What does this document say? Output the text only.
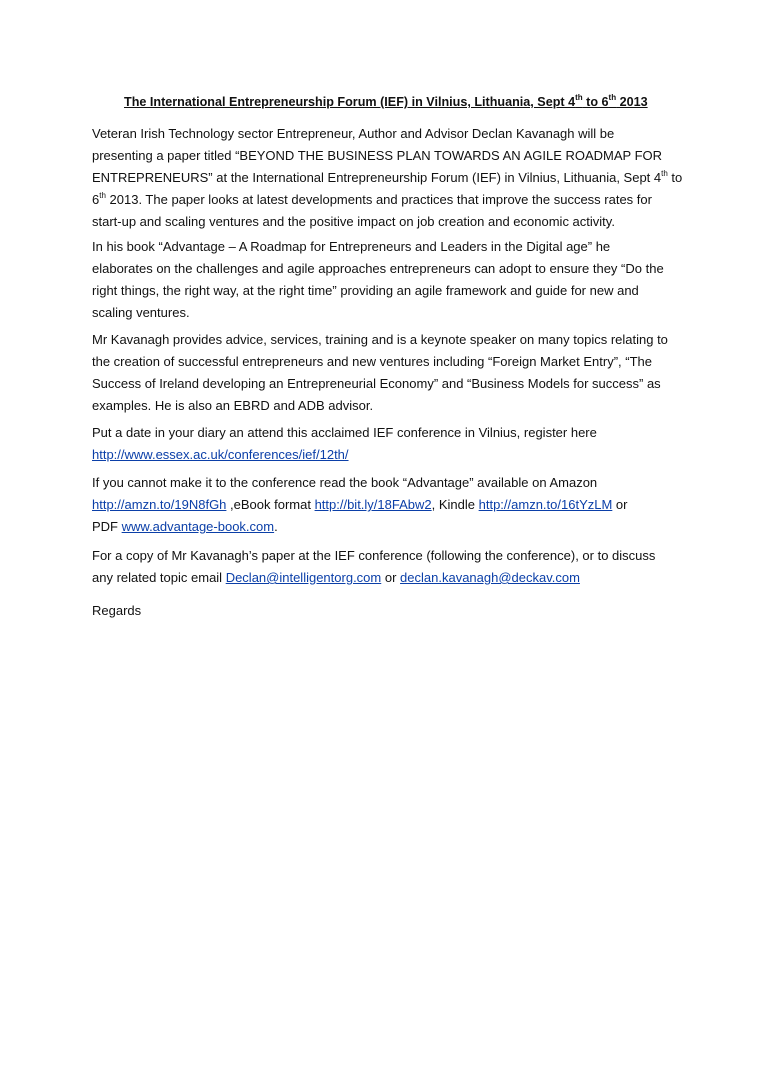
The International Entrepreneurship Forum (IEF) in Vilnius, Lithuania, Sept 4th to 6th 2013
Veteran Irish Technology sector Entrepreneur, Author and Advisor Declan Kavanagh will be
presenting a paper titled “BEYOND THE BUSINESS PLAN TOWARDS AN AGILE ROADMAP FOR
ENTREPRENEURS” at the International Entrepreneurship Forum (IEF) in Vilnius, Lithuania, Sept 4th to
6th 2013. The paper looks at latest developments and practices that improve the success rates for
start-up and scaling ventures and the positive impact on job creation and economic activity.
In his book “Advantage – A Roadmap for Entrepreneurs and Leaders in the Digital age” he
elaborates on the challenges and agile approaches entrepreneurs can adopt to ensure they “Do the
right things, the right way, at the right time” providing an agile framework and guide for new and
scaling ventures.
Mr Kavanagh provides advice, services, training and is a keynote speaker on many topics relating to
the creation of successful entrepreneurs and new ventures including “Foreign Market Entry”, “The
Success of Ireland developing an Entrepreneurial Economy” and “Business Models for success” as
examples. He is also an EBRD and ADB advisor.
Put a date in your diary an attend this acclaimed IEF conference in Vilnius, register here
http://www.essex.ac.uk/conferences/ief/12th/
If you cannot make it to the conference read the book “Advantage” available on Amazon
http://amzn.to/19N8fGh ,eBook format http://bit.ly/18FAbw2, Kindle http://amzn.to/16tYzLM or
PDF www.advantage-book.com.
For a copy of Mr Kavanagh’s paper at the IEF conference (following the conference), or to discuss
any related topic email Declan@intelligentorg.com or declan.kavanagh@deckav.com
Regards
